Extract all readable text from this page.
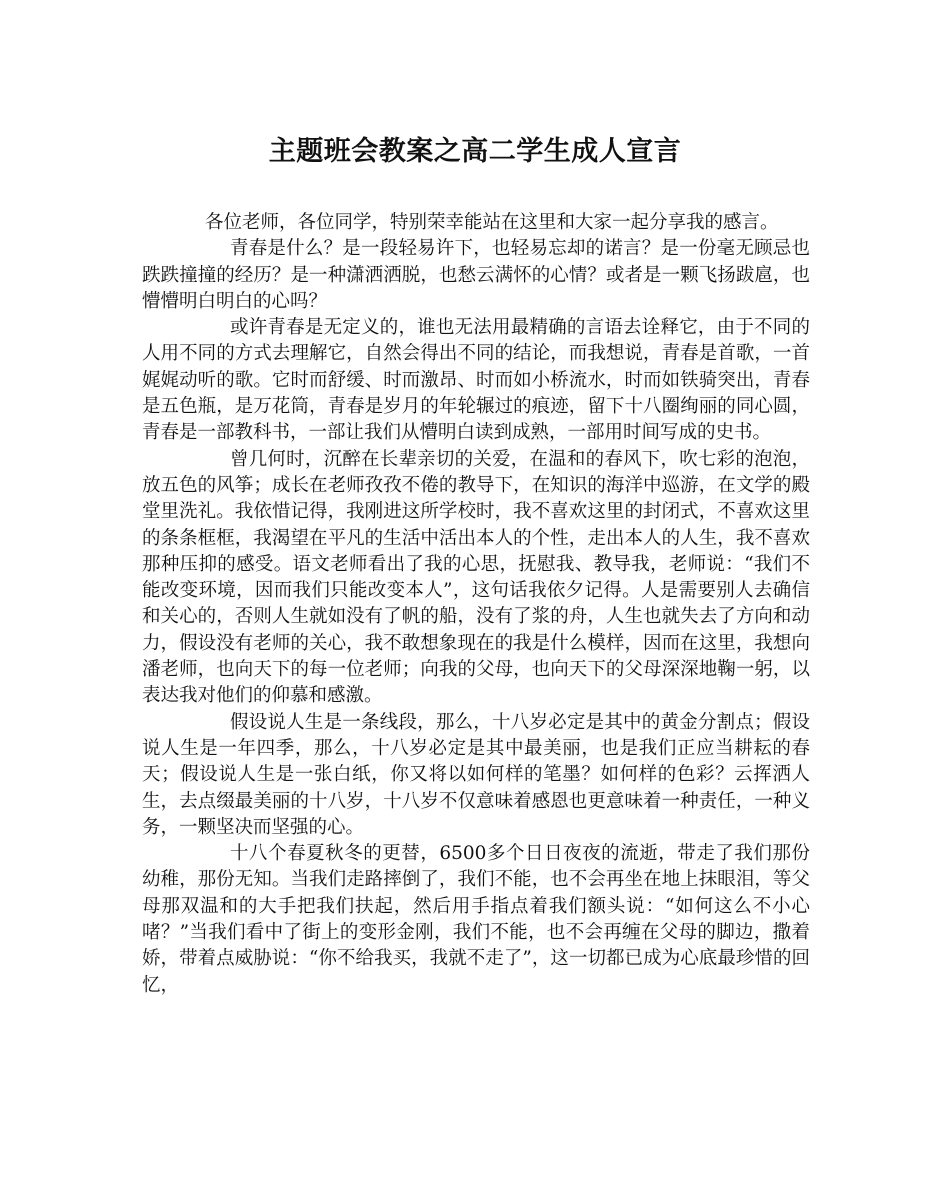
主题班会教案之高二学生成人宣言

各位老师，各位同学，特别荣幸能站在这里和大家一起分享我的感言。

青春是什么？是一段轻易许下，也轻易忘却的诺言？是一份毫无顾忌也跌跌撞撞的经历？是一种潇洒洒脱，也愁云满怀的心情？或者是一颗飞扬跋扈，也懵懵明白明白的心吗？

或许青春是无定义的，谁也无法用最精确的言语去诠释它，由于不同的人用不同的方式去理解它，自然会得出不同的结论，而我想说，青春是首歌，一首娓娓动听的歌。它时而舒缓、时而激昂、时而如小桥流水，时而如铁骑突出，青春是五色瓶，是万花筒，青春是岁月的年轮辗过的痕迹，留下十八圈绚丽的同心圆，青春是一部教科书，一部让我们从懵明白读到成熟，一部用时间写成的史书。

曾几何时，沉醉在长辈亲切的关爱，在温和的春风下，吹七彩的泡泡，放五色的风筝；成长在老师孜孜不倦的教导下，在知识的海洋中巡游，在文学的殿堂里洗礼。我依惜记得，我刚进这所学校时，我不喜欢这里的封闭式，不喜欢这里的条条框框，我渴望在平凡的生活中活出本人的个性，走出本人的人生，我不喜欢那种压抑的感受。语文老师看出了我的心思，抚慰我、教导我，老师说：“我们不能改变环境，因而我们只能改变本人”，这句话我依夕记得。人是需要别人去确信和关心的，否则人生就如没有了帆的船，没有了浆的舟，人生也就失去了方向和动力，假设没有老师的关心，我不敢想象现在的我是什么模样，因而在这里，我想向潘老师，也向天下的每一位老师；向我的父母，也向天下的父母深深地鞠一躬，以表达我对他们的仰慕和感激。

假设说人生是一条线段，那么，十八岁必定是其中的黄金分割点；假设说人生是一年四季，那么，十八岁必定是其中最美丽，也是我们正应当耕耘的春天；假设说人生是一张白纸，你又将以如何样的笔墨？如何样的色彩？云挥洒人生，去点缀最美丽的十八岁，十八岁不仅意味着感恩也更意味着一种责任，一种义务，一颗坚决而坚强的心。

十八个春夏秋冬的更替，6500多个日日夜夜的流逝，带走了我们那份幼稚，那份无知。当我们走路摔倒了，我们不能，也不会再坐在地上抹眼泪，等父母那双温和的大手把我们扶起，然后用手指点着我们额头说：“如何这么不小心啫？”当我们看中了街上的变形金刚，我们不能，也不会再缠在父母的脚边，撒着娇，带着点威胁说：“你不给我买，我就不走了”，这一切都已成为心底最珍惜的回忆，
